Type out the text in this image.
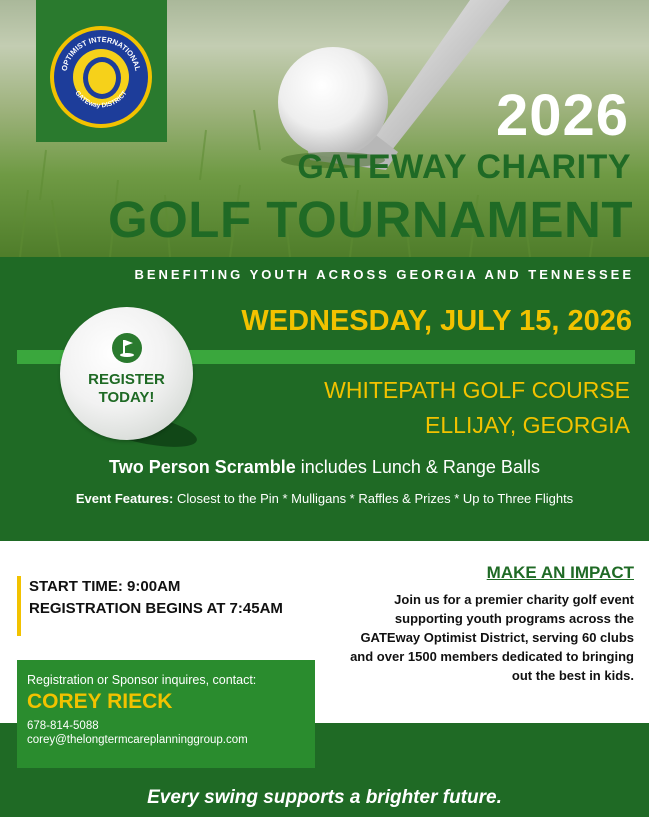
OPTIMIST INTERNATIONAL
GATEway DISTRICT	2026
GATEWAY CHARITY
GOLF TOURNAMENT
BENEFITING YOUTH ACROSS GEORGIA AND TENNESSEE
WEDNESDAY, JULY 15, 2026
REGISTER
TODAY!	WHITEPATH GOLF COURSE
ELLIJAY, GEORGIA
Two Person Scramble includes Lunch & Range Balls
Event Features: Closest to the Pin * Mulligans * Raffles & Prizes * Up to Three Flights
START TIME: 9:00AM
REGISTRATION BEGINS AT 7:45AM
Every swing supports a brighter future.
MAKE AN IMPACT
Join us for a premier charity golf event supporting youth programs across the GATEway Optimist District, serving 60 clubs and over 1500 members dedicated to bringing out the best in kids.
Registration or Sponsor inquires, contact:
COREY RIECK
678-814-5088
corey@thelongtermcareplanninggroup.com
